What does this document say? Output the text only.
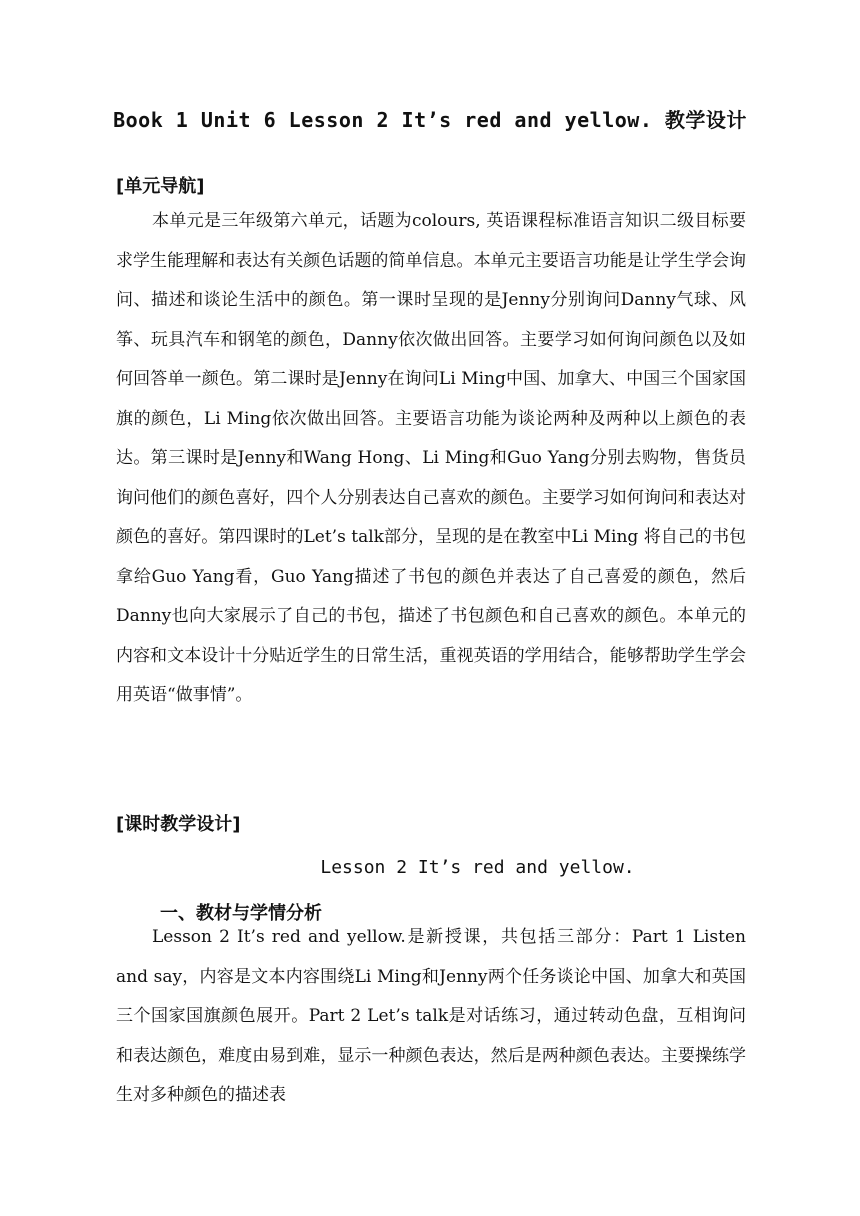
Book 1 Unit 6 Lesson 2 It’s red and yellow. 教学设计
[单元导航]
本单元是三年级第六单元，话题为colours, 英语课程标准语言知识二级目标要求学生能理解和表达有关颜色话题的简单信息。本单元主要语言功能是让学生学会询问、描述和谈论生活中的颜色。第一课时呈现的是Jenny分别询问Danny气球、风筝、玩具汽车和钢笔的颜色，Danny依次做出回答。主要学习如何询问颜色以及如何回答单一颜色。第二课时是Jenny在询问Li Ming中国、加拿大、中国三个国家国旗的颜色，Li Ming依次做出回答。主要语言功能为谈论两种及两种以上颜色的表达。第三课时是Jenny和Wang Hong、Li Ming和Guo Yang分别去购物，售货员询问他们的颜色喜好，四个人分别表达自己喜欢的颜色。主要学习如何询问和表达对颜色的喜好。第四课时的Let’s talk部分，呈现的是在教室中Li Ming 将自己的书包拿给Guo Yang看，Guo Yang描述了书包的颜色并表达了自己喜爱的颜色，然后Danny也向大家展示了自己的书包，描述了书包颜色和自己喜欢的颜色。本单元的内容和文本设计十分贴近学生的日常生活，重视英语的学用结合，能够帮助学生学会用英语“做事情”。
[课时教学设计]
Lesson 2 It’s red and yellow.
一、教材与学情分析
Lesson 2 It’s red and yellow.是新授课，共包括三部分：Part 1 Listen and say，内容是文本内容围绕Li Ming和Jenny两个任务谈论中国、加拿大和英国三个国家国旗颜色展开。Part 2 Let’s talk是对话练习，通过转动色盘，互相询问和表达颜色，难度由易到难，显示一种颜色表达，然后是两种颜色表达。主要操练学生对多种颜色的描述表
